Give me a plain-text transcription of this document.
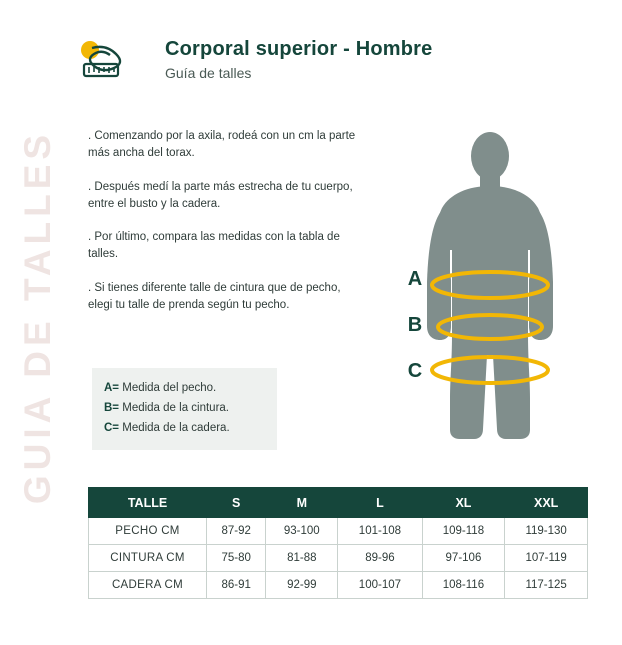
GUIA DE TALLES
Corporal superior - Hombre
Guía de talles

. Comenzando por la axila, rodeá con un cm la parte más ancha del torax.

. Después medí la parte más estrecha de tu cuerpo, entre el busto y la cadera.

. Por último, compara las medidas con la tabla de talles.

. Si tienes diferente talle de cintura que de pecho, elegi tu talle de prenda según tu pecho.

A= Medida del pecho.
B= Medida de la cintura.
C= Medida de la cadera.
A
B
C
TALLE	S	M	L	XL	XXL
PECHO CM	87-92	93-100	101-108	109-118	119-130
CINTURA CM	75-80	81-88	89-96	97-106	107-119
CADERA CM	86-91	92-99	100-107	108-116	117-125
